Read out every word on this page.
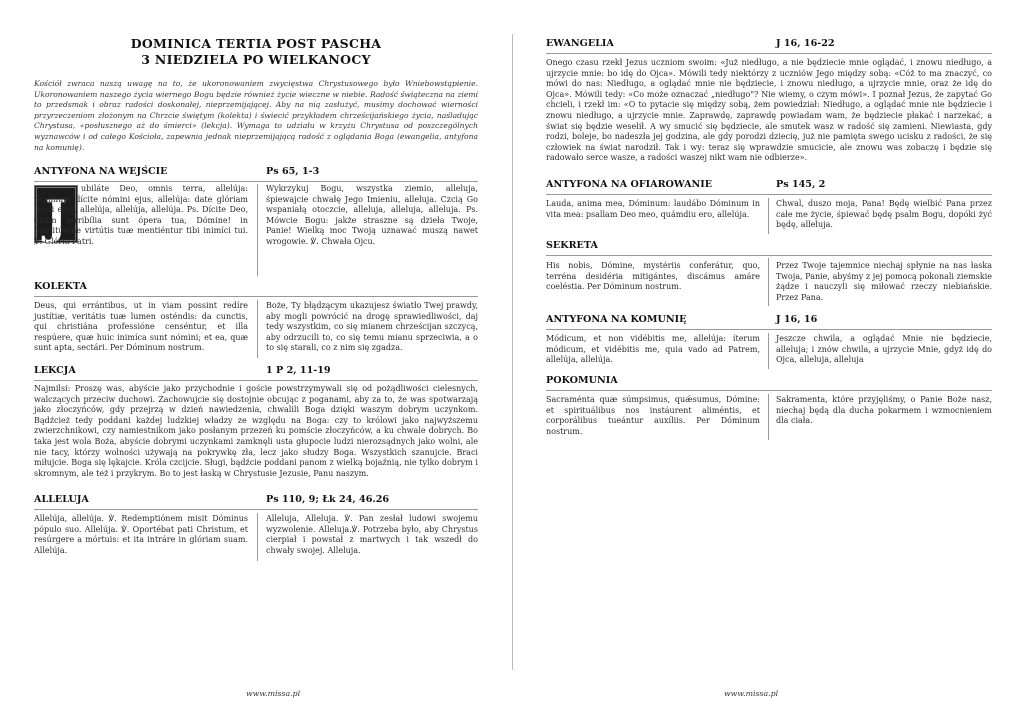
DOMINICA TERTIA POST PASCHA
3 NIEDZIELA PO WIELKANOCY

Kościół zwraca naszą uwagę na to, że ukoronowaniem zwycięstwa Chrystusowego było Wniebowstąpienie. Ukoronowaniem naszego życia wiernego Bogu będzie również życie wieczne w niebie. Radość świąteczna na ziemi to przedsmak i obraz radości doskonałej, nieprzemijającej. Aby na nią zasłużyć, musimy dochować wierności przyrzeczeniom złożonym na Chrzcie świętym (kolekta) i świecić przykładem chrześcijańskiego życia, naśladując Chrystusa, «posłusznego aż do śmierci» (lekcja). Wymaga to udziału w krzyżu Chrystusa od poszczególnych wyznawców i od całego Kościoła, zapewnia jednak nieprzemijającą radość z oglądania Boga (ewangelia, antyfona na komunię).

ANTYFONA NA WEJŚCIE	Ps 65, 1-3
J

ubiláte Deo, omnis terra, allelúja: psalmum dícite nómini ejus, allelúja: date glóriam laudi ejus, allelúja, allelúja, allelúja. Ps. Dícite Deo, quam terribília sunt ópera tua, Dómine! in multitúdine virtútis tuæ mentiéntur tibi inimíci tui. ℣. Glória Patri.

Wykrzykuj Bogu, wszystka ziemio, alleluja, śpiewajcie chwałę Jego Imieniu, alleluja. Czcią Go wspaniałą otoczcie, alleluja, alleluja, alleluja. Ps. Mówcie Bogu: jakże straszne są dzieła Twoje, Panie! Wielką moc Twoją uznawać muszą nawet wrogowie. ℣. Chwała Ojcu.

KOLEKTA

Deus, qui errántibus, ut in viam possint redíre justítiæ, veritátis tuæ lumen osténdis: da cunctis, qui christiána professióne censéntur, et illa respúere, quæ huic inimíca sunt nómini; et ea, quæ sunt apta, sectári. Per Dóminum nostrum.

Boże, Ty błądzącym ukazujesz światło Twej prawdy, aby mogli powrócić na drogę sprawiedliwości, daj tedy wszystkim, co się mianem chrześcijan szczycą, aby odrzucili to, co się temu mianu sprzeciwia, a o to się starali, co z nim się zgadza.

LEKCJA	1 P 2, 11-19

Najmilsi: Proszę was, abyście jako przychodnie i goście powstrzymywali się od pożądliwości cielesnych, walczących przeciw duchowi. Zachowujcie się dostojnie obcując z poganami, aby za to, że was spotwarzają jako złoczyńców, gdy przejrzą w dzień nawiedzenia, chwalili Boga dzięki waszym dobrym uczynkom. Bądźcież tedy poddani każdej ludzkiej władzy ze względu na Boga: czy to królowi jako najwyższemu zwierzchnikowi, czy namiestnikom jako posłanym przezeń ku pomście złoczyńców, a ku chwale dobrych. Bo taka jest wola Boża, abyście dobrymi uczynkami zamknęli usta głupocie ludzi nierozsądnych jako wolni, ale nie tacy, którzy wolności używają na pokrywkę zła, lecz jako słudzy Boga. Wszystkich szanujcie. Braci miłujcie. Boga się lękajcie. Króla czcijcie. Sługi, bądźcie poddani panom z wielką bojaźnią, nie tylko dobrym i skromnym, ale też i przykrym. Bo to jest łaską w Chrystusie Jezusie, Panu naszym.

ALLELUJA	Ps 110, 9; Łk 24, 46.26

Allelúja, allelúja. ℣. Redemptiónem misit Dóminus pópulo suo. Allelúja. ℣. Oportébat pati Christum, et resúrgere a mórtuis: et ita intráre in glóriam suam. Allelúja.

Alleluja, Alleluja. ℣. Pan zesłał ludowi swojemu wyzwolenie. Alleluja.℣. Potrzeba było, aby Chrystus cierpiał i powstał z martwych i tak wszedł do chwały swojej. Alleluja.

www.missa.pl
EWANGELIA	J 16, 16-22

Onego czasu rzekł Jezus uczniom swoim: «Już niedługo, a nie będziecie mnie oglądać, i znowu niedługo, a ujrzycie mnie: bo idę do Ojca». Mówili tedy niektórzy z uczniów Jego między sobą: «Cóż to ma znaczyć, co mówi do nas: Niedługo, a oglądać mnie nie będziecie, i znowu niedługo, a ujrzycie mnie, oraz że idę do Ojca». Mówili tedy: «Co może oznaczać „niedługo"? Nie wiemy, o czym mówi». I poznał Jezus, że zapytać Go chcieli, i rzekł im: «O to pytacie się między sobą, żem powiedział: Niedługo, a oglądać mnie nie będziecie i znowu niedługo, a ujrzycie mnie. Zaprawdę, zaprawdę powiadam wam, że będziecie płakać i narzekać, a świat się będzie weselił. A wy smucić się będziecie, ale smutek wasz w radość się zamieni. Niewiasta, gdy rodzi, boleje, bo nadeszła jej godzina, ale gdy porodzi dziecię, już nie pamięta swego ucisku z radości, że się człowiek na świat narodził. Tak i wy: teraz się wprawdzie smucicie, ale znowu was zobaczę i będzie się radowało serce wasze, a radości waszej nikt wam nie odbierze».

ANTYFONA NA OFIAROWANIE	Ps 145, 2

Lauda, anima mea, Dóminum: laudábo Dóminum in vita mea: psallam Deo meo, quámdiu ero, allelúja.

Chwal, duszo moja, Pana! Będę wielbić Pana przez całe me życie, śpiewać będę psalm Bogu, dopóki żyć będę, alleluja.

SEKRETA

His nobis, Dómine, mystériis conferátur, quo, terréna desidéria mitigántes, discámus amáre coeléstia. Per Dóminum nostrum.

Przez Twoje tajemnice niechaj spłynie na nas łaska Twoja, Panie, abyśmy z jej pomocą pokonali ziemskie żądze i nauczyli się miłować rzeczy niebiańskie. Przez Pana.

ANTYFONA NA KOMUNIĘ	J 16, 16

Módicum, et non vidébitis me, allelúja: íterum módicum, et vidébitis me, quia vado ad Patrem, allelúja, allelúja.

Jeszcze chwila, a oglądać Mnie nie będziecie, alleluja; i znów chwila, a ujrzycie Mnie, gdyż idę do Ojca, alleluja, alleluja

POKOMUNIA

Sacraménta quæ súmpsimus, quǽsumus, Dómine: et spirituálibus nos instáurent aliméntis, et corporálibus tueántur auxíliis. Per Dóminum nostrum.

Sakramenta, które przyjęliśmy, o Panie Boże nasz, niechaj będą dla ducha pokarmem i wzmocnieniem dla ciała.

www.missa.pl
